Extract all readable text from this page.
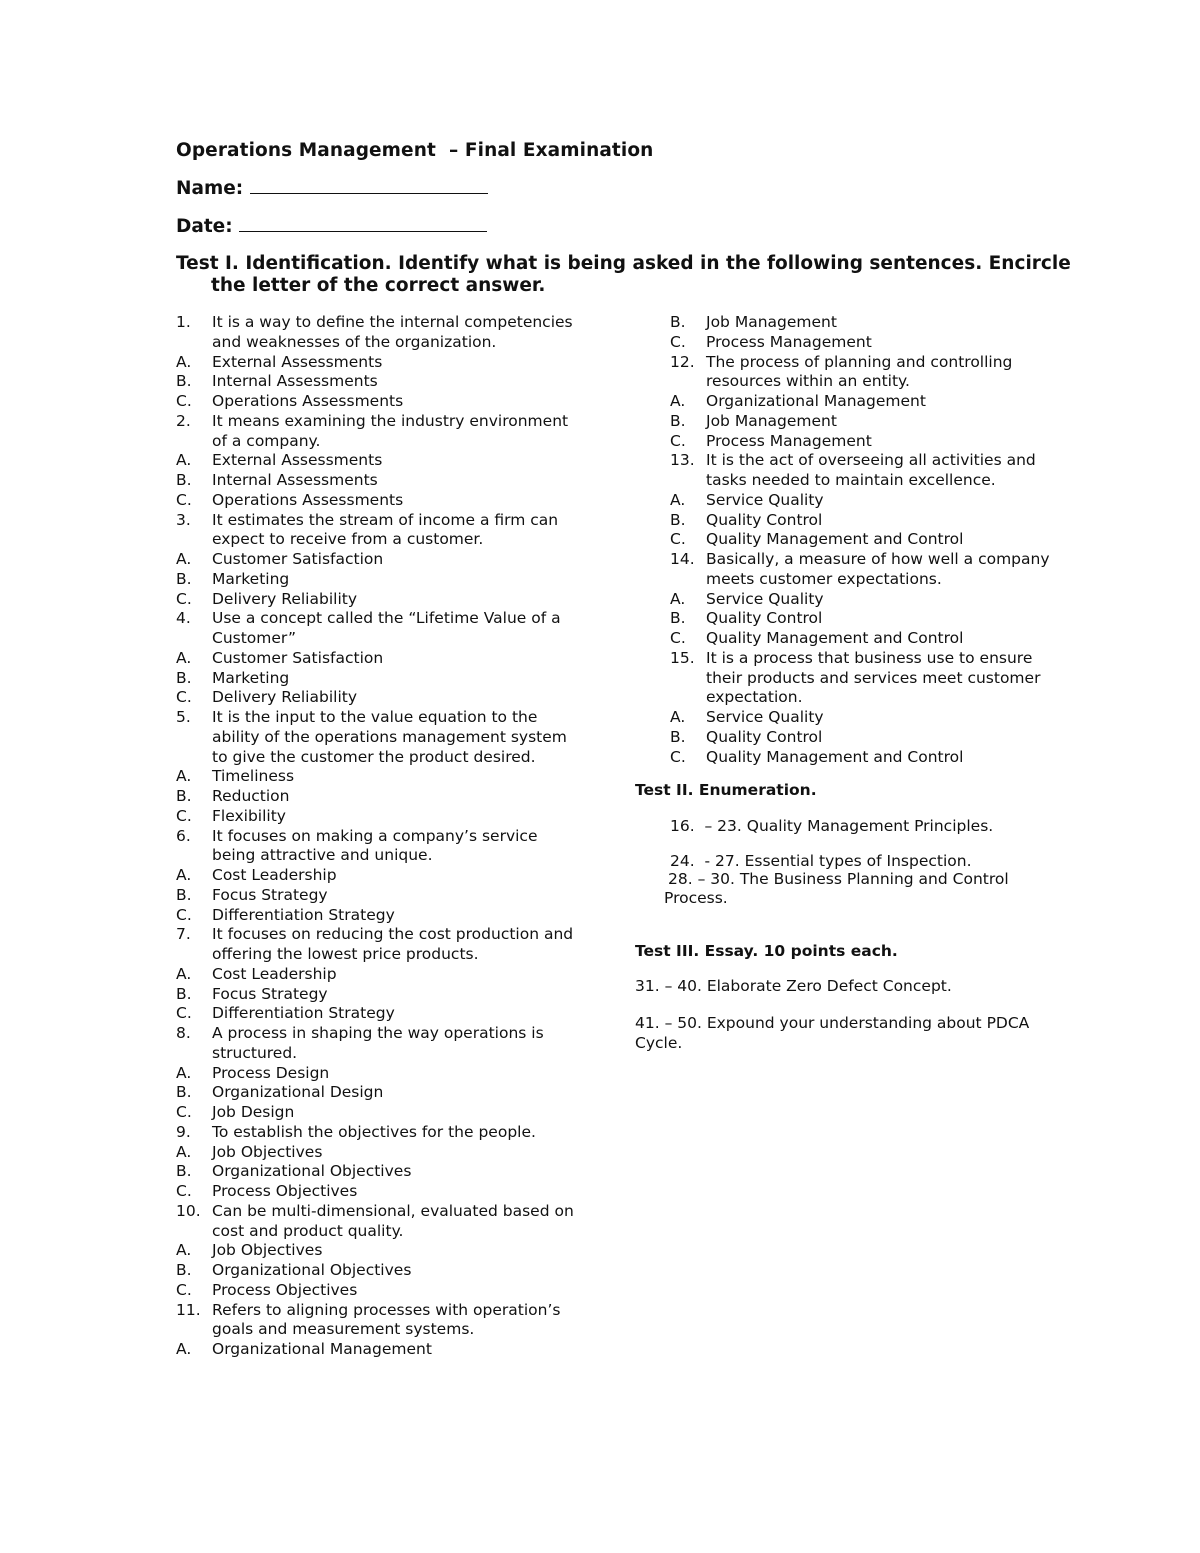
Operations Management  – Final Examination
Name:
Date:
Test I. Identification. Identify what is being asked in the following sentences. Encircle the letter of the correct answer.
1. It is a way to define the internal competencies and weaknesses of the organization.
A. External Assessments
B. Internal Assessments
C. Operations Assessments
2. It means examining the industry environment of a company.
A. External Assessments
B. Internal Assessments
C. Operations Assessments
3. It estimates the stream of income a firm can expect to receive from a customer.
A. Customer Satisfaction
B. Marketing
C. Delivery Reliability
4. Use a concept called the “Lifetime Value of a Customer”
A. Customer Satisfaction
B. Marketing
C. Delivery Reliability
5. It is the input to the value equation to the ability of the operations management system to give the customer the product desired.
A. Timeliness
B. Reduction
C. Flexibility
6. It focuses on making a company’s service being attractive and unique.
A. Cost Leadership
B. Focus Strategy
C. Differentiation Strategy
7. It focuses on reducing the cost production and offering the lowest price products.
A. Cost Leadership
B. Focus Strategy
C. Differentiation Strategy
8. A process in shaping the way operations is structured.
A. Process Design
B. Organizational Design
C. Job Design
9. To establish the objectives for the people.
A. Job Objectives
B. Organizational Objectives
C. Process Objectives
10. Can be multi-dimensional, evaluated based on cost and product quality.
A. Job Objectives
B. Organizational Objectives
C. Process Objectives
11. Refers to aligning processes with operation’s goals and measurement systems.
A. Organizational Management
B. Job Management
C. Process Management
12. The process of planning and controlling resources within an entity.
A. Organizational Management
B. Job Management
C. Process Management
13. It is the act of overseeing all activities and tasks needed to maintain excellence.
A. Service Quality
B. Quality Control
C. Quality Management and Control
14. Basically, a measure of how well a company meets customer expectations.
A. Service Quality
B. Quality Control
C. Quality Management and Control
15. It is a process that business use to ensure their products and services meet customer expectation.
A. Service Quality
B. Quality Control
C. Quality Management and Control
Test II. Enumeration.
16.  – 23. Quality Management Principles.
24.  - 27. Essential types of Inspection.
28. – 30. The Business Planning and Control Process.
Test III. Essay. 10 points each.
31. – 40. Elaborate Zero Defect Concept.
41. – 50. Expound your understanding about PDCA Cycle.
